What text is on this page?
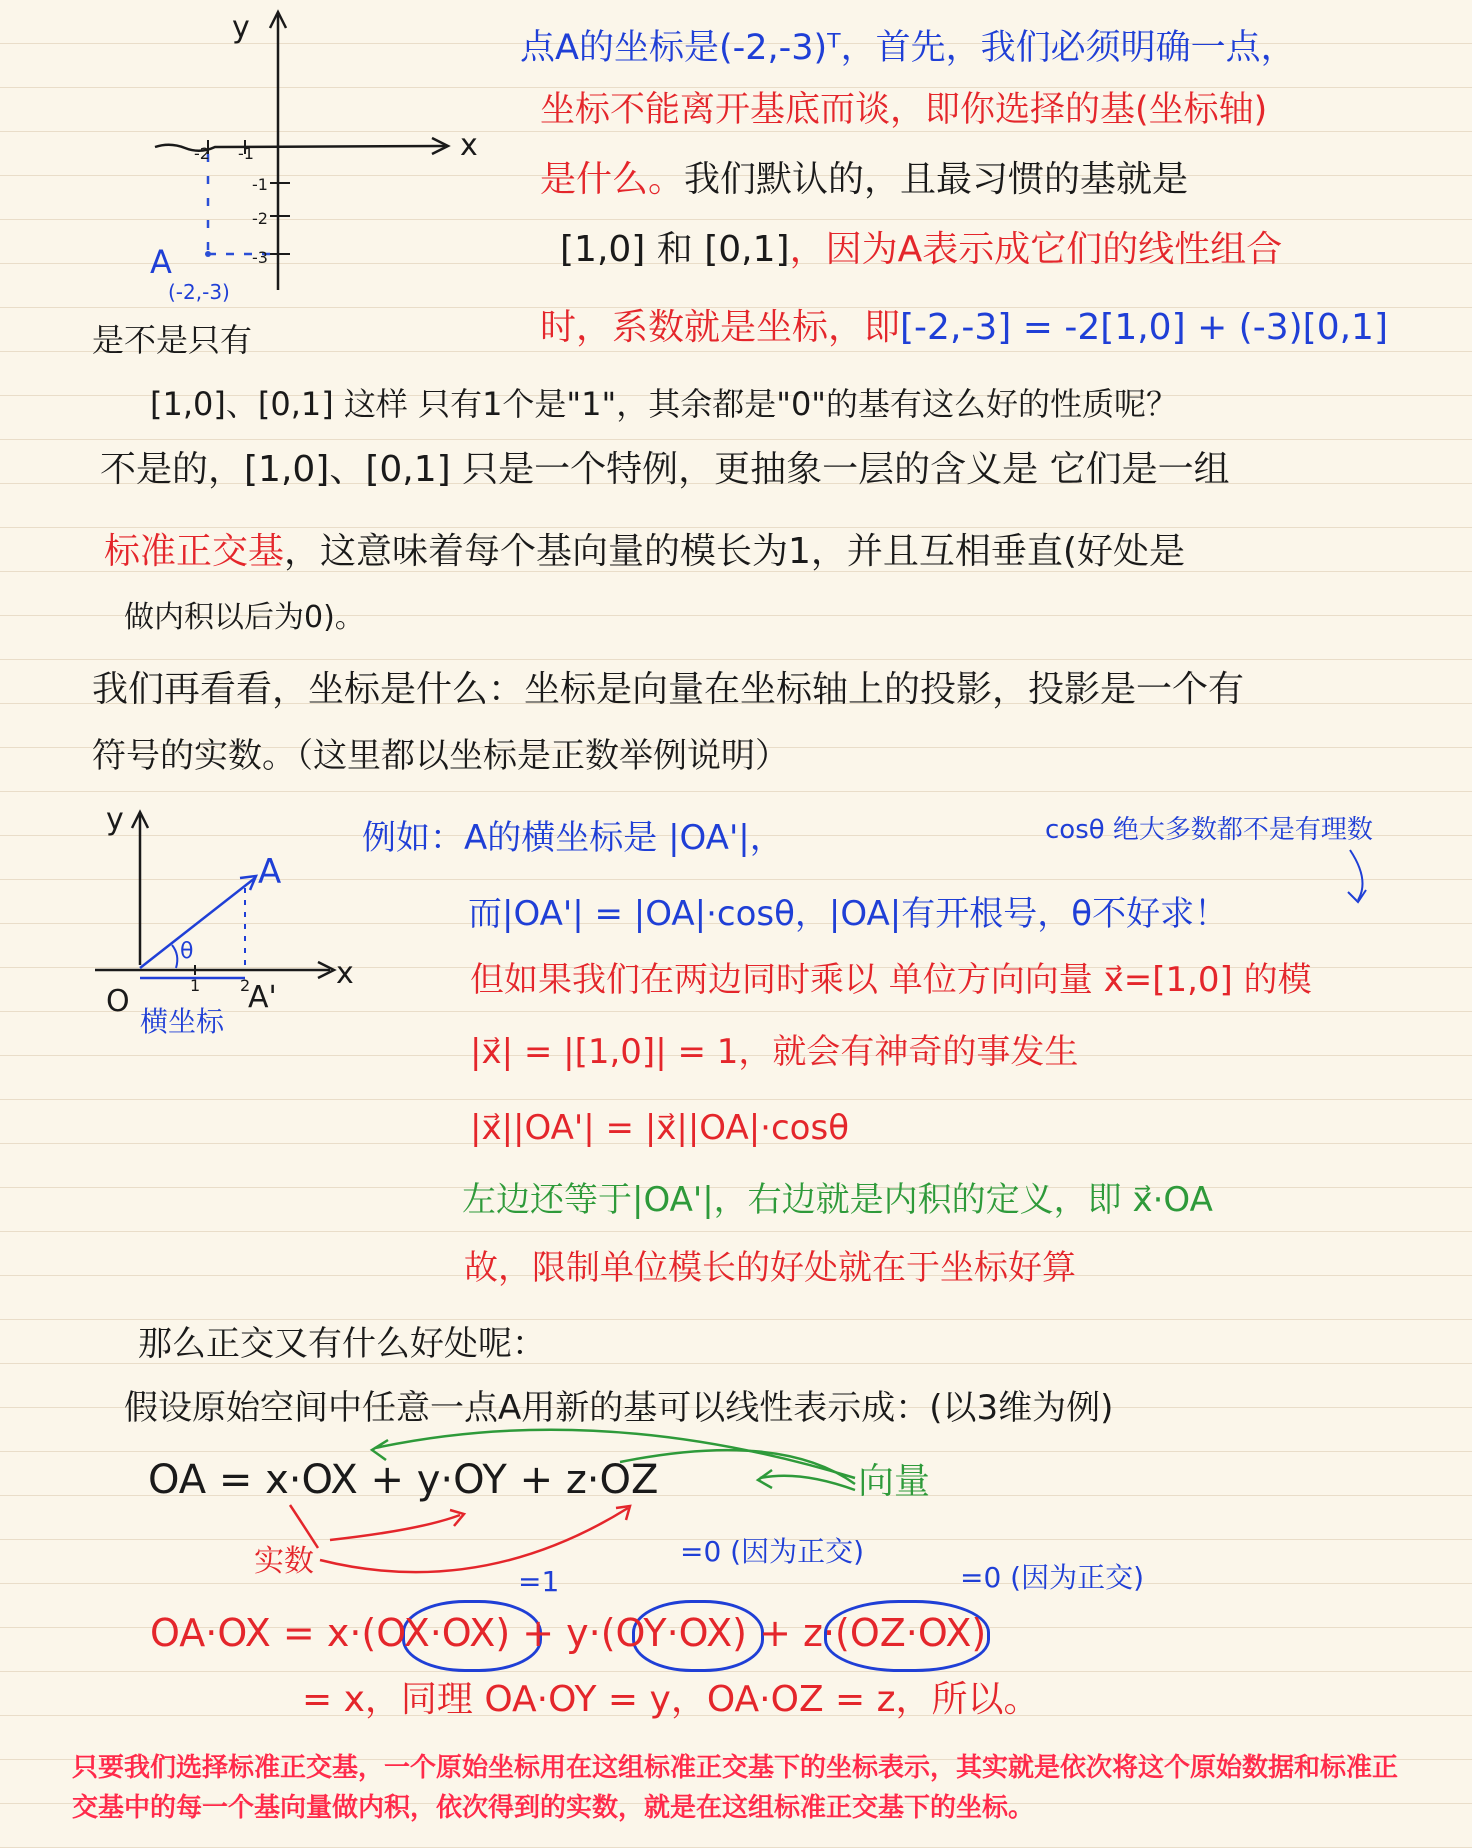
y
x
-2 -1
-1
-2
-3
A
(-2,-3)
点A的坐标是(-2,-3)ᵀ，首先，我们必须明确一点，
坐标不能离开基底而谈，即你选择的基(坐标轴)
是什么。我们默认的，且最习惯的基就是
[1,0] 和 [0,1]，因为A表示成它们的线性组合
时，系数就是坐标，即[-2,-3] = -2[1,0] + (-3)[0,1]
是不是只有
[1,0]、[0,1] 这样 只有1个是"1"，其余都是"0"的基有这么好的性质呢？
不是的，[1,0]、[0,1] 只是一个特例，更抽象一层的含义是 它们是一组
标准正交基，这意味着每个基向量的模长为1，并且互相垂直(好处是
做内积以后为0)。
我们再看看，坐标是什么：坐标是向量在坐标轴上的投影，投影是一个有
符号的实数。（这里都以坐标是正数举例说明）
y
x
O
A
A'
θ
1 2
横坐标
例如：A的横坐标是 |OA'|，	cosθ 绝大多数都不是有理数
而|OA'| = |OA|·cosθ，|OA|有开根号，θ不好求！
但如果我们在两边同时乘以 单位方向向量 x⃗=[1,0] 的模
|x⃗| = |[1,0]| = 1，就会有神奇的事发生
|x⃗||OA'| = |x⃗||OA|·cosθ
左边还等于|OA'|，右边就是内积的定义，即 x⃗·OA
故，限制单位模长的好处就在于坐标好算
那么正交又有什么好处呢：
假设原始空间中任意一点A用新的基可以线性表示成：(以3维为例)
OA = x·OX + y·OY + z·OZ	向量
实数
=1
=0 (因为正交)
=0 (因为正交)
OA·OX = x·(OX·OX) + y·(OY·OX) + z·(OZ·OX)
= x，同理 OA·OY = y，OA·OZ = z，所以。
只要我们选择标准正交基，一个原始坐标用在这组标准正交基下的坐标表示，其实就是依次将这个原始数据和标准正交基中的每一个基向量做内积，依次得到的实数，就是在这组标准正交基下的坐标。
